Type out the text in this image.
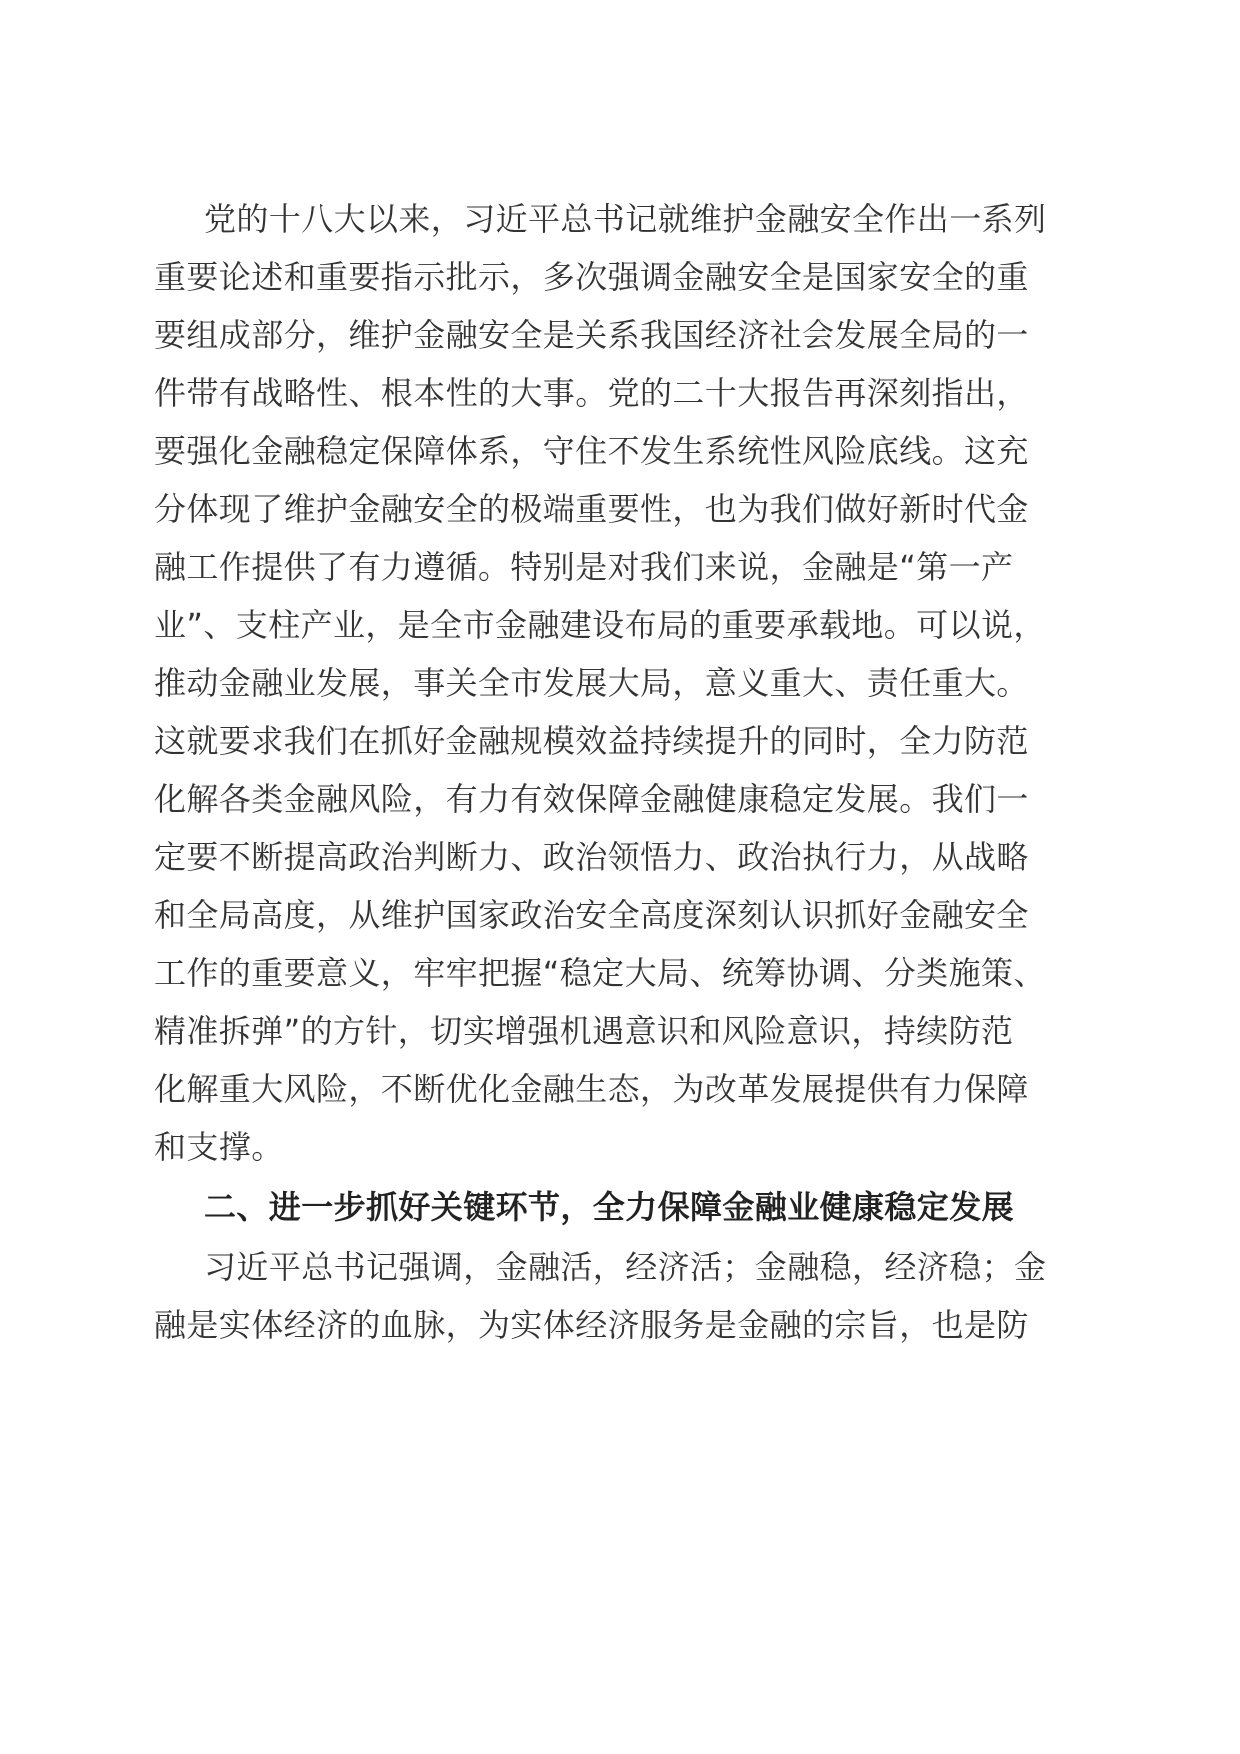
党的十八大以来，习近平总书记就维护金融安全作出一系列
重要论述和重要指示批示，多次强调金融安全是国家安全的重
要组成部分，维护金融安全是关系我国经济社会发展全局的一
件带有战略性、根本性的大事。党的二十大报告再深刻指出，
要强化金融稳定保障体系，守住不发生系统性风险底线。这充
分体现了维护金融安全的极端重要性，也为我们做好新时代金
融工作提供了有力遵循。特别是对我们来说，金融是“第一产
业”、支柱产业，是全市金融建设布局的重要承载地。可以说，
推动金融业发展，事关全市发展大局，意义重大、责任重大。
这就要求我们在抓好金融规模效益持续提升的同时，全力防范
化解各类金融风险，有力有效保障金融健康稳定发展。我们一
定要不断提高政治判断力、政治领悟力、政治执行力，从战略
和全局高度，从维护国家政治安全高度深刻认识抓好金融安全
工作的重要意义，牢牢把握“稳定大局、统筹协调、分类施策、
精准拆弹”的方针，切实增强机遇意识和风险意识，持续防范
化解重大风险，不断优化金融生态，为改革发展提供有力保障
和支撑。
二、进一步抓好关键环节，全力保障金融业健康稳定发展
习近平总书记强调，金融活，经济活；金融稳，经济稳；金
融是实体经济的血脉，为实体经济服务是金融的宗旨，也是防
